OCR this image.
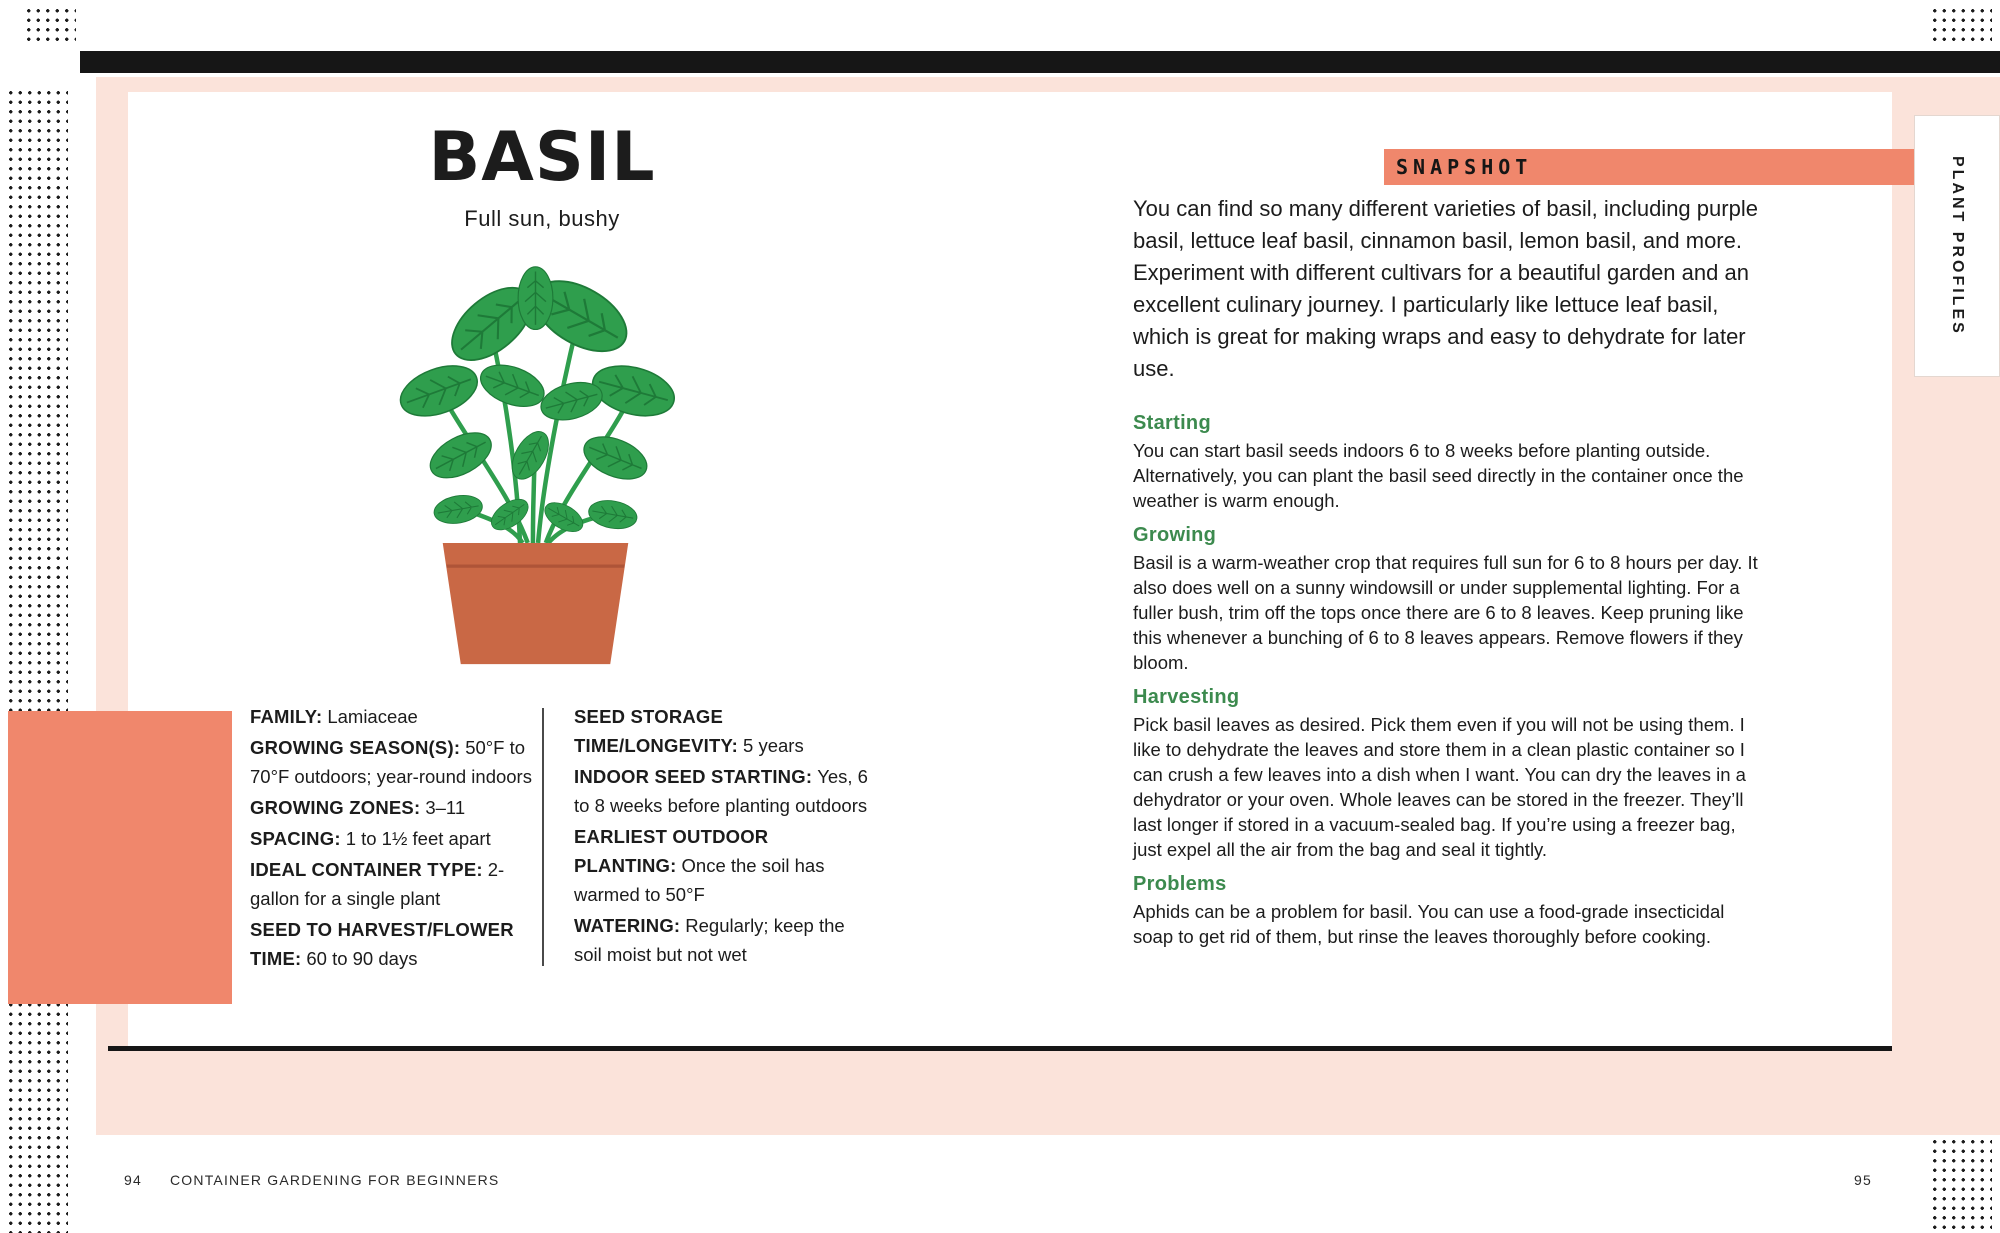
BASIL
Full sun, bushy

FAMILY: Lamiaceae

GROWING SEASON(S): 50°F to 70°F outdoors; year-round indoors

GROWING ZONES: 3–11

SPACING: 1 to 1½ feet apart

IDEAL CONTAINER TYPE: 2-gallon for a single plant

SEED TO HARVEST/FLOWER TIME: 60 to 90 days

SEED STORAGE TIME/LONGEVITY: 5 years

INDOOR SEED STARTING: Yes, 6 to 8 weeks before planting outdoors

EARLIEST OUTDOOR PLANTING: Once the soil has warmed to 50°F

WATERING: Regularly; keep the soil moist but not wet

SNAPSHOT
You can find so many different varieties of basil, including purple basil, lettuce leaf basil, cinnamon basil, lemon basil, and more. Experiment with different cultivars for a beautiful garden and an excellent culinary journey. I particularly like lettuce leaf basil, which is great for making wraps and easy to dehydrate for later use.
Starting

You can start basil seeds indoors 6 to 8 weeks before planting outside. Alternatively, you can plant the basil seed directly in the container once the weather is warm enough.

Growing

Basil is a warm-weather crop that requires full sun for 6 to 8 hours per day. It also does well on a sunny windowsill or under supplemental lighting. For a fuller bush, trim off the tops once there are 6 to 8 leaves. Keep pruning like this whenever a bunching of 6 to 8 leaves appears. Remove flowers if they bloom.

Harvesting

Pick basil leaves as desired. Pick them even if you will not be using them. I like to dehydrate the leaves and store them in a clean plastic container so I can crush a few leaves into a dish when I want. You can dry the leaves in a dehydrator or your oven. Whole leaves can be stored in the freezer. They’ll last longer if stored in a vacuum-sealed bag. If you’re using a freezer bag, just expel all the air from the bag and seal it tightly.

Problems

Aphids can be a problem for basil. You can use a food-grade insecticidal soap to get rid of them, but rinse the leaves thoroughly before cooking.

PLANT PROFILES
94 CONTAINER GARDENING FOR BEGINNERS	95
